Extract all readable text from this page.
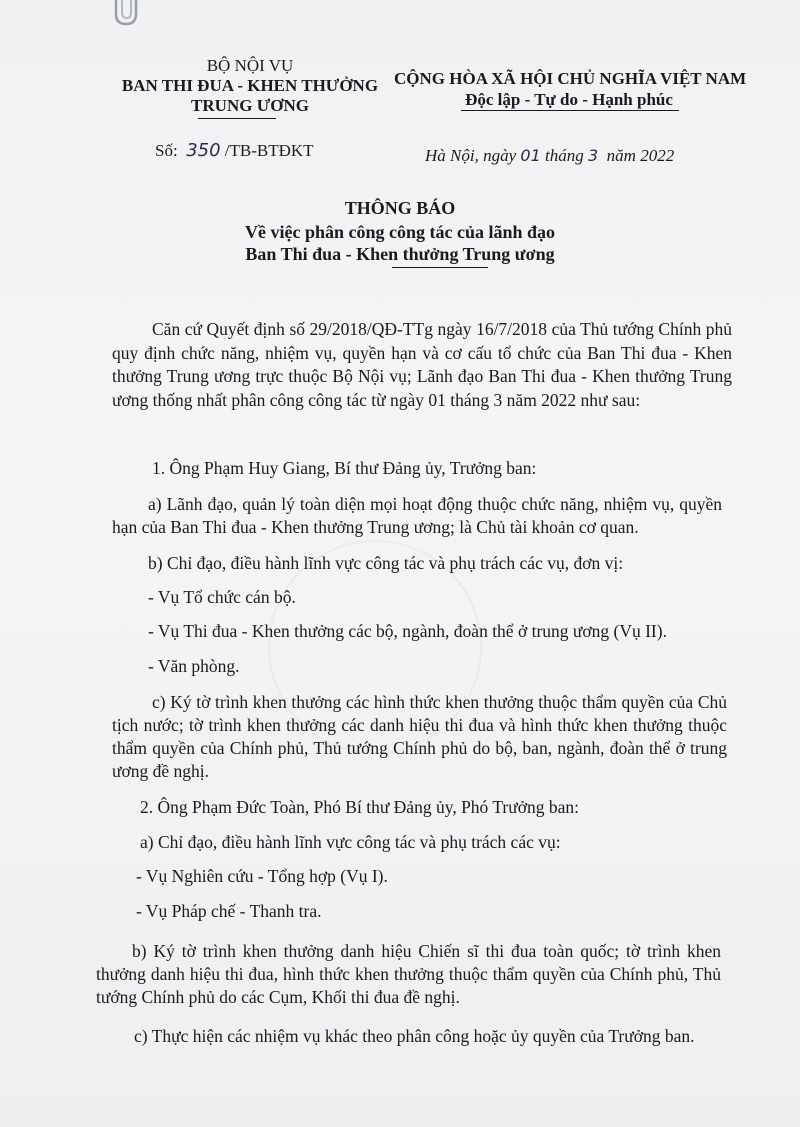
BỘ NỘI VỤ
BAN THI ĐUA - KHEN THƯỞNG
TRUNG ƯƠNG
CỘNG HÒA XÃ HỘI CHỦ NGHĨA VIỆT NAM
Độc lập - Tự do - Hạnh phúc
Số: 350 /TB-BTĐKT	Hà Nội, ngày 01 tháng 3 năm 2022
THÔNG BÁO
Về việc phân công công tác của lãnh đạo
Ban Thi đua - Khen thưởng Trung ương
Căn cứ Quyết định số 29/2018/QĐ-TTg ngày 16/7/2018 của Thủ tướng Chính phủ quy định chức năng, nhiệm vụ, quyền hạn và cơ cấu tổ chức của Ban Thi đua - Khen thưởng Trung ương trực thuộc Bộ Nội vụ; Lãnh đạo Ban Thi đua - Khen thưởng Trung ương thống nhất phân công công tác từ ngày 01 tháng 3 năm 2022 như sau:
1. Ông Phạm Huy Giang, Bí thư Đảng ủy, Trưởng ban:
a) Lãnh đạo, quản lý toàn diện mọi hoạt động thuộc chức năng, nhiệm vụ, quyền hạn của Ban Thi đua - Khen thưởng Trung ương; là Chủ tài khoản cơ quan.
b) Chỉ đạo, điều hành lĩnh vực công tác và phụ trách các vụ, đơn vị:
- Vụ Tổ chức cán bộ.
- Vụ Thi đua - Khen thưởng các bộ, ngành, đoàn thể ở trung ương (Vụ II).
- Văn phòng.
c) Ký tờ trình khen thưởng các hình thức khen thưởng thuộc thẩm quyền của Chủ tịch nước; tờ trình khen thưởng các danh hiệu thi đua và hình thức khen thưởng thuộc thẩm quyền của Chính phủ, Thủ tướng Chính phủ do bộ, ban, ngành, đoàn thể ở trung ương đề nghị.
2. Ông Phạm Đức Toàn, Phó Bí thư Đảng ủy, Phó Trưởng ban:
a) Chỉ đạo, điều hành lĩnh vực công tác và phụ trách các vụ:
- Vụ Nghiên cứu - Tổng hợp (Vụ I).
- Vụ Pháp chế - Thanh tra.
b) Ký tờ trình khen thưởng danh hiệu Chiến sĩ thi đua toàn quốc; tờ trình khen thưởng danh hiệu thi đua, hình thức khen thưởng thuộc thẩm quyền của Chính phủ, Thủ tướng Chính phủ do các Cụm, Khối thi đua đề nghị.
c) Thực hiện các nhiệm vụ khác theo phân công hoặc ủy quyền của Trưởng ban.
